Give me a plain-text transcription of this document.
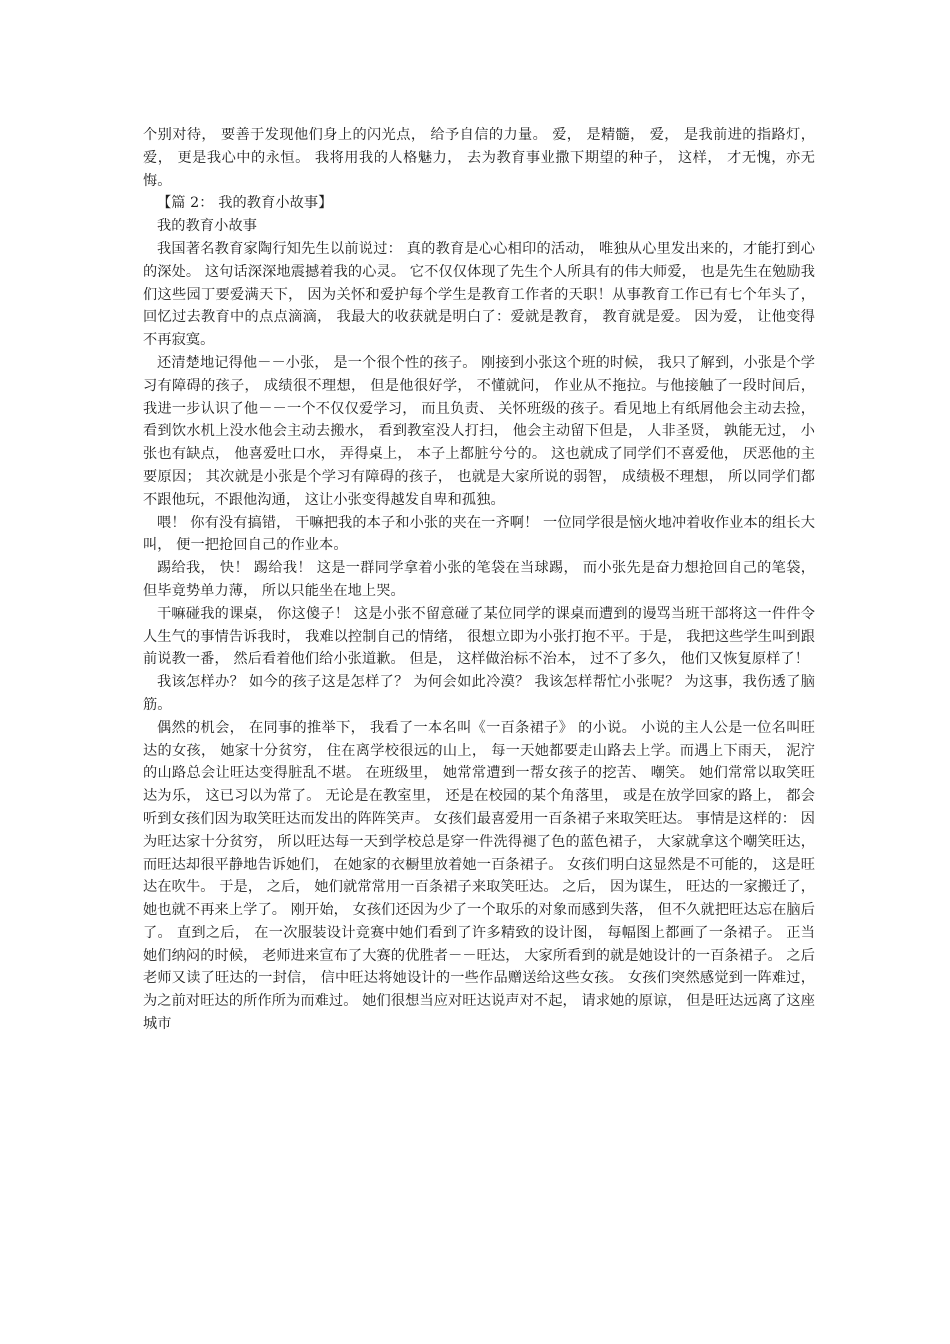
个别对待， 要善于发现他们身上的闪光点， 给予自信的力量。 爱， 是精髓， 爱， 是我前进的指路灯，爱， 更是我心中的永恒。 我将用我的人格魅力， 去为教育事业撒下期望的种子， 这样， 才无愧，亦无悔。

【篇 2： 我的教育小故事】

我的教育小故事

我国著名教育家陶行知先生以前说过： 真的教育是心心相印的活动， 唯独从心里发出来的，才能打到心的深处。 这句话深深地震撼着我的心灵。 它不仅仅体现了先生个人所具有的伟大师爱， 也是先生在勉励我们这些园丁要爱满天下， 因为关怀和爱护每个学生是教育工作者的天职！从事教育工作已有七个年头了， 回忆过去教育中的点点滴滴， 我最大的收获就是明白了：爱就是教育， 教育就是爱。 因为爱， 让他变得不再寂寞。

还清楚地记得他－－小张， 是一个很个性的孩子。 刚接到小张这个班的时候， 我只了解到，小张是个学习有障碍的孩子， 成绩很不理想， 但是他很好学， 不懂就问， 作业从不拖拉。与他接触了一段时间后， 我进一步认识了他－－一个不仅仅爱学习， 而且负责、 关怀班级的孩子。看见地上有纸屑他会主动去捡， 看到饮水机上没水他会主动去搬水， 看到教室没人打扫， 他会主动留下但是， 人非圣贤， 孰能无过， 小张也有缺点， 他喜爱吐口水， 弄得桌上， 本子上都脏兮兮的。 这也就成了同学们不喜爱他， 厌恶他的主要原因； 其次就是小张是个学习有障碍的孩子， 也就是大家所说的弱智， 成绩极不理想， 所以同学们都不跟他玩，不跟他沟通， 这让小张变得越发自卑和孤独。

喂！ 你有没有搞错， 干嘛把我的本子和小张的夹在一齐啊！ 一位同学很是恼火地冲着收作业本的组长大叫， 便一把抢回自己的作业本。

踢给我， 快！ 踢给我！ 这是一群同学拿着小张的笔袋在当球踢， 而小张先是奋力想抢回自己的笔袋， 但毕竟势单力薄， 所以只能坐在地上哭。

干嘛碰我的课桌， 你这傻子！ 这是小张不留意碰了某位同学的课桌而遭到的谩骂当班干部将这一件件令人生气的事情告诉我时， 我难以控制自己的情绪， 很想立即为小张打抱不平。于是， 我把这些学生叫到跟前说教一番， 然后看着他们给小张道歉。 但是， 这样做治标不治本， 过不了多久， 他们又恢复原样了！

我该怎样办？ 如今的孩子这是怎样了？ 为何会如此冷漠？ 我该怎样帮忙小张呢？ 为这事，我伤透了脑筋。

偶然的机会， 在同事的推举下， 我看了一本名叫《一百条裙子》 的小说。 小说的主人公是一位名叫旺达的女孩， 她家十分贫穷， 住在离学校很远的山上， 每一天她都要走山路去上学。而遇上下雨天， 泥泞的山路总会让旺达变得脏乱不堪。 在班级里， 她常常遭到一帮女孩子的挖苦、 嘲笑。 她们常常以取笑旺达为乐， 这已习以为常了。 无论是在教室里， 还是在校园的某个角落里， 或是在放学回家的路上， 都会听到女孩们因为取笑旺达而发出的阵阵笑声。 女孩们最喜爱用一百条裙子来取笑旺达。 事情是这样的： 因为旺达家十分贫穷， 所以旺达每一天到学校总是穿一件洗得褪了色的蓝色裙子， 大家就拿这个嘲笑旺达， 而旺达却很平静地告诉她们， 在她家的衣橱里放着她一百条裙子。 女孩们明白这显然是不可能的， 这是旺达在吹牛。 于是， 之后， 她们就常常用一百条裙子来取笑旺达。 之后， 因为谋生， 旺达的一家搬迁了， 她也就不再来上学了。 刚开始， 女孩们还因为少了一个取乐的对象而感到失落， 但不久就把旺达忘在脑后了。 直到之后， 在一次服装设计竞赛中她们看到了许多精致的设计图， 每幅图上都画了一条裙子。 正当她们纳闷的时候， 老师进来宣布了大赛的优胜者－－旺达， 大家所看到的就是她设计的一百条裙子。 之后老师又读了旺达的一封信， 信中旺达将她设计的一些作品赠送给这些女孩。 女孩们突然感觉到一阵难过， 为之前对旺达的所作所为而难过。 她们很想当应对旺达说声对不起， 请求她的原谅， 但是旺达远离了这座城市
